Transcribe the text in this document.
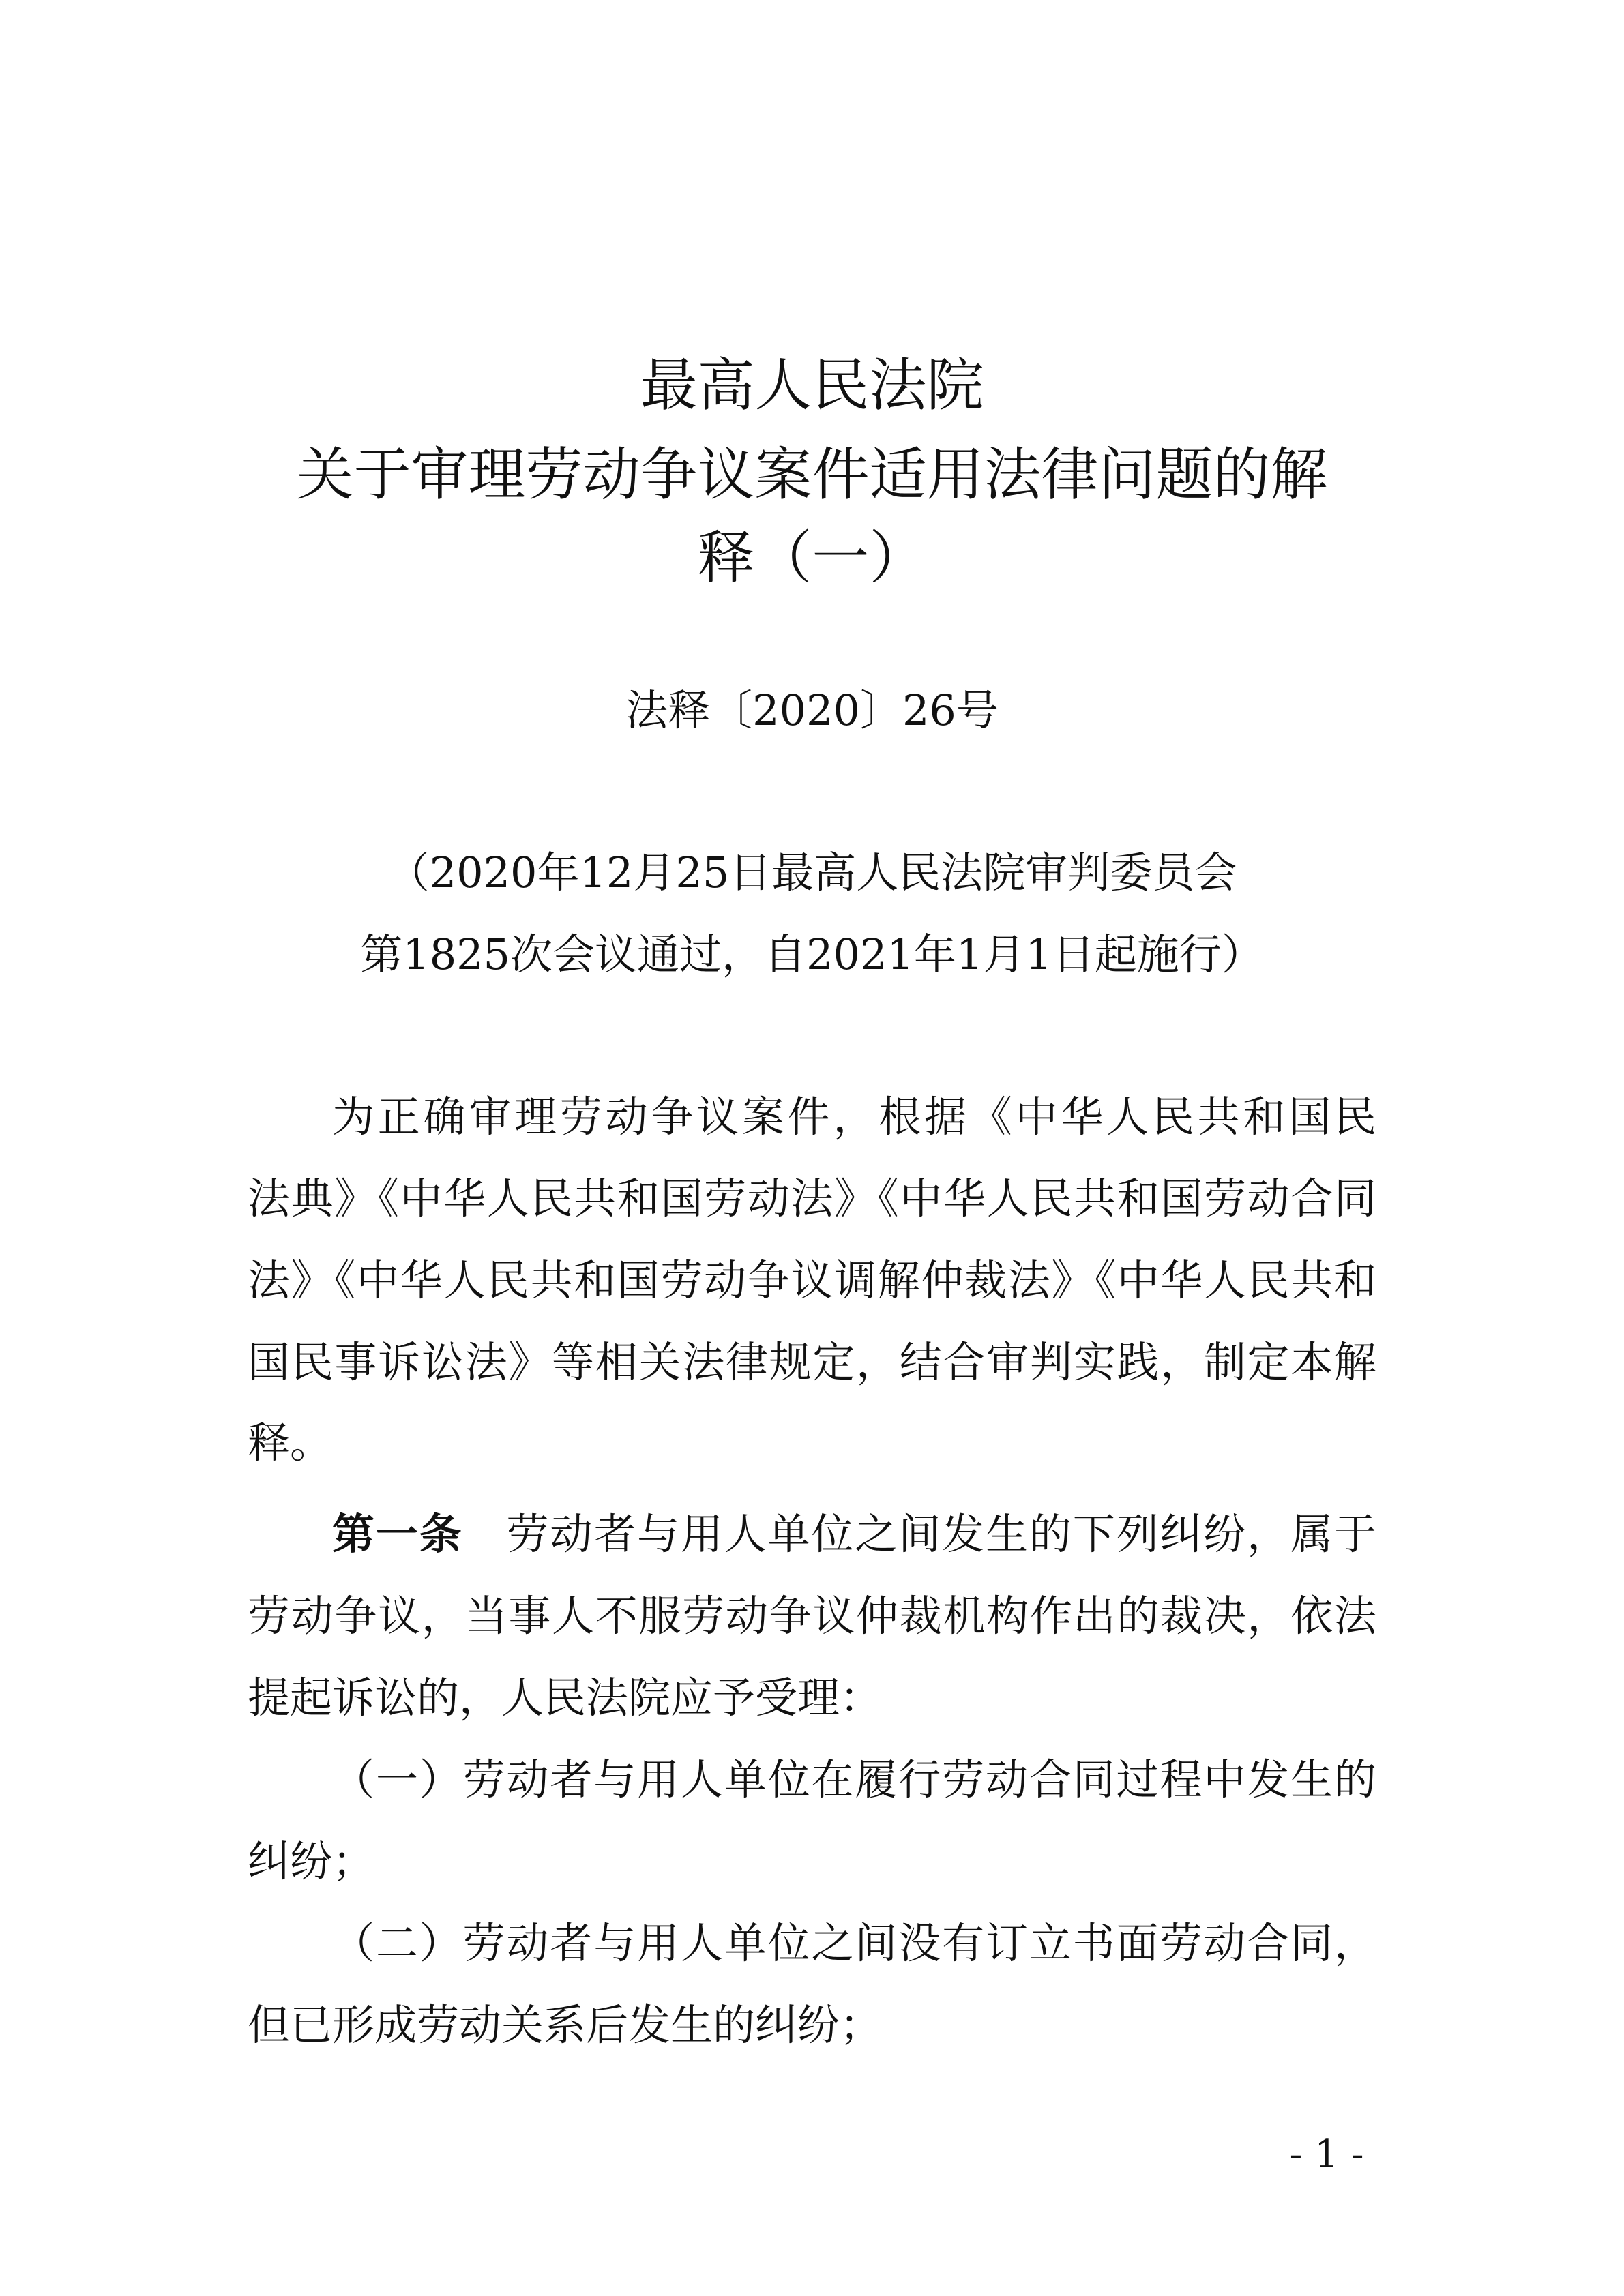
最高人民法院
关于审理劳动争议案件适用法律问题的解
释（一）
法释〔2020〕26号
（2020年12月25日最高人民法院审判委员会
第1825次会议通过，自2021年1月1日起施行）
为正确审理劳动争议案件，根据《中华人民共和国民
法典》《中华人民共和国劳动法》《中华人民共和国劳动合同
法》《中华人民共和国劳动争议调解仲裁法》《中华人民共和
国民事诉讼法》等相关法律规定，结合审判实践，制定本解
释。
第一条 劳动者与用人单位之间发生的下列纠纷，属于
劳动争议，当事人不服劳动争议仲裁机构作出的裁决，依法
提起诉讼的，人民法院应予受理：
（一）劳动者与用人单位在履行劳动合同过程中发生的
纠纷；
（二）劳动者与用人单位之间没有订立书面劳动合同，
但已形成劳动关系后发生的纠纷；
- 1 -
